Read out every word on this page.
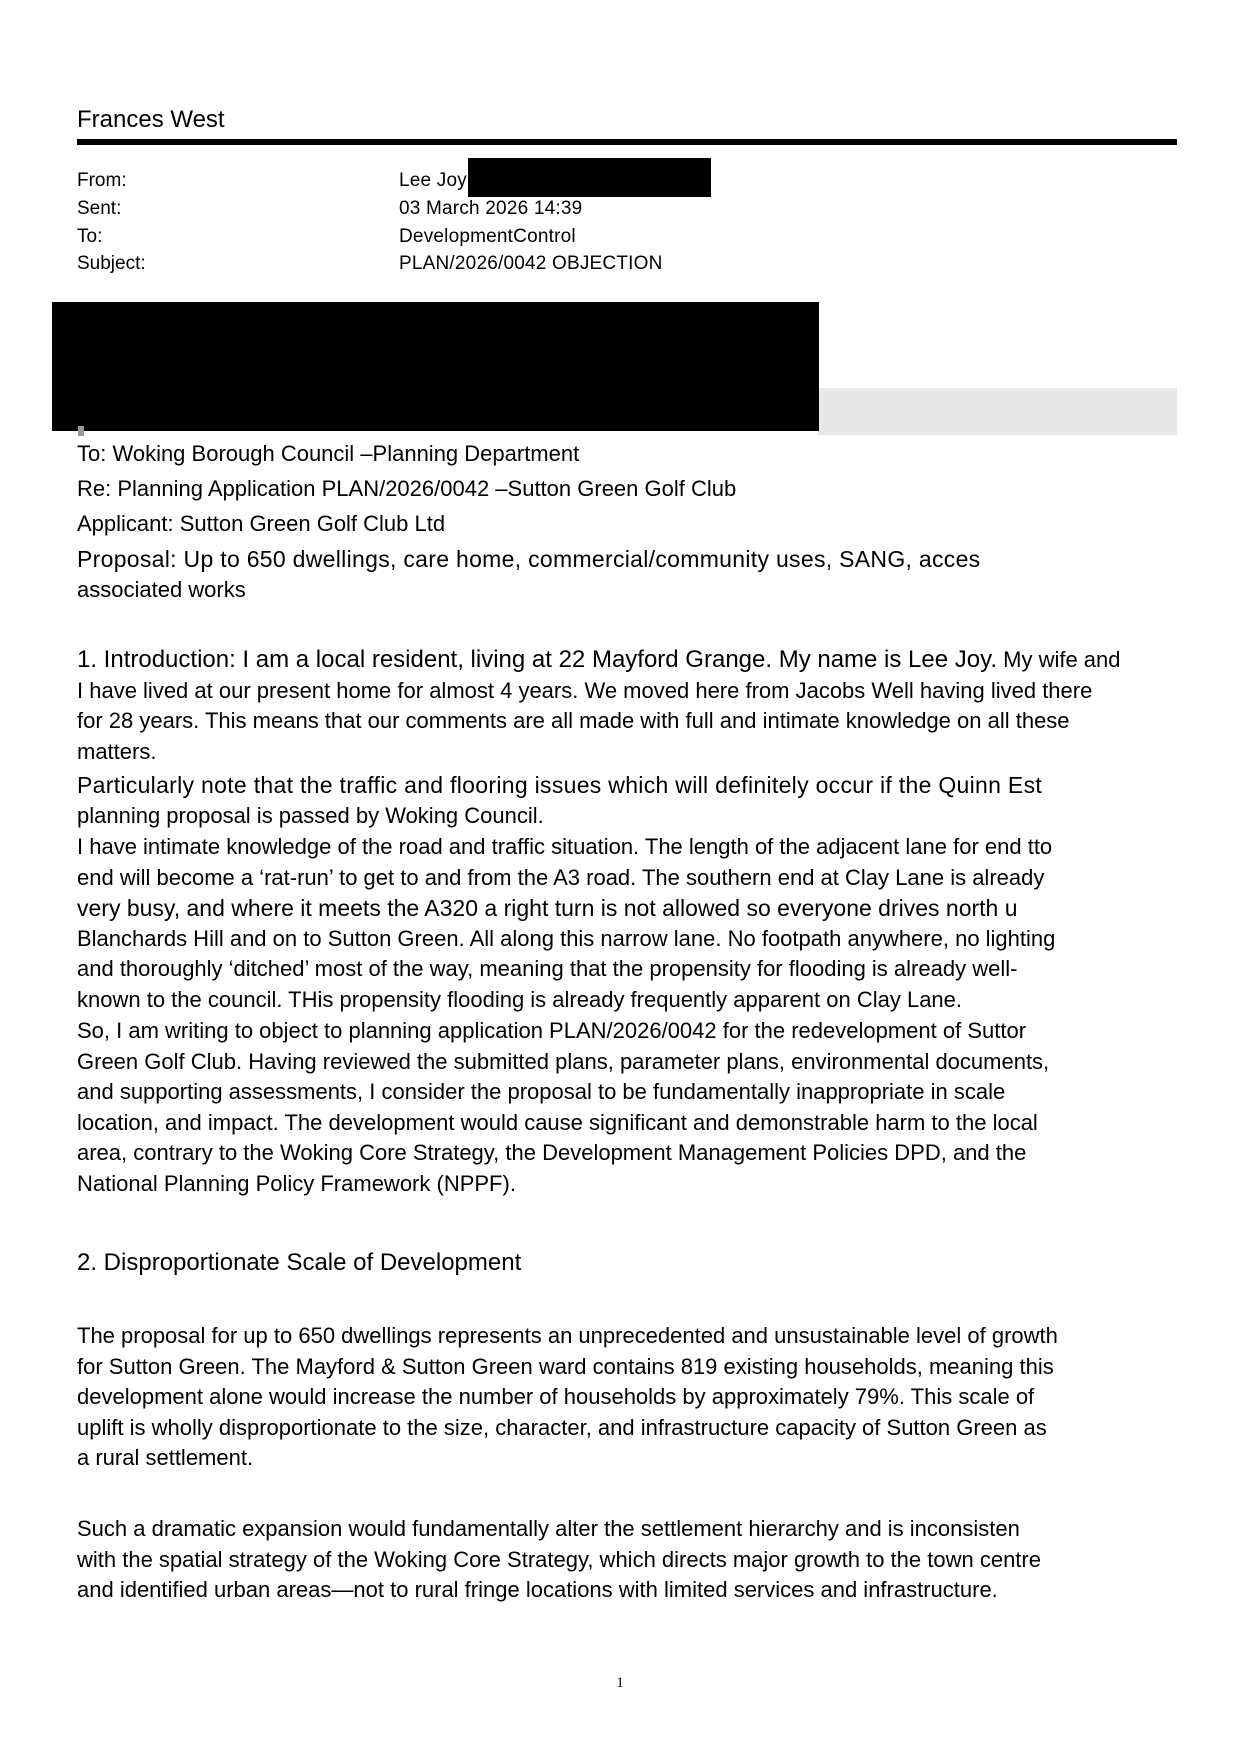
Frances West
From:	Lee Joy
Sent:	03 March 2026 14:39
To:	DevelopmentControl
Subject:	PLAN/2026/0042 OBJECTION
To: Woking Borough Council –Planning Department
Re: Planning Application PLAN/2026/0042 –Sutton Green Golf Club
Applicant: Sutton Green Golf Club Ltd
Proposal: Up to 650 dwellings, care home, commercial/community uses, SANG, acces
associated works
1. Introduction: I am a local resident, living at 22 Mayford Grange. My name is Lee Joy. My wife and
I have lived at our present home for almost 4 years. We moved here from Jacobs Well having lived there
for 28 years. This means that our comments are all made with full and intimate knowledge on all these
matters.
Particularly note that the traffic and flooring issues which will definitely occur if the Quinn Est
planning proposal is passed by Woking Council.
I have intimate knowledge of the road and traffic situation. The length of the adjacent lane for end tto
end will become a ‘rat-run’ to get to and from the A3 road. The southern end at Clay Lane is already
very busy, and where it meets the A320 a right turn is not allowed so everyone drives north u
Blanchards Hill and on to Sutton Green. All along this narrow lane. No footpath anywhere, no lighting
and thoroughly ‘ditched’ most of the way, meaning that the propensity for flooding is already well-
known to the council. THis propensity flooding is already frequently apparent on Clay Lane.
So, I am writing to object to planning application PLAN/2026/0042 for the redevelopment of Suttor
Green Golf Club. Having reviewed the submitted plans, parameter plans, environmental documents,
and supporting assessments, I consider the proposal to be fundamentally inappropriate in scale
location, and impact. The development would cause significant and demonstrable harm to the local
area, contrary to the Woking Core Strategy, the Development Management Policies DPD, and the
National Planning Policy Framework (NPPF).
2. Disproportionate Scale of Development
The proposal for up to 650 dwellings represents an unprecedented and unsustainable level of growth
for Sutton Green. The Mayford & Sutton Green ward contains 819 existing households, meaning this
development alone would increase the number of households by approximately 79%. This scale of
uplift is wholly disproportionate to the size, character, and infrastructure capacity of Sutton Green as
a rural settlement.
Such a dramatic expansion would fundamentally alter the settlement hierarchy and is inconsisten
with the spatial strategy of the Woking Core Strategy, which directs major growth to the town centre
and identified urban areas—not to rural fringe locations with limited services and infrastructure.
1
